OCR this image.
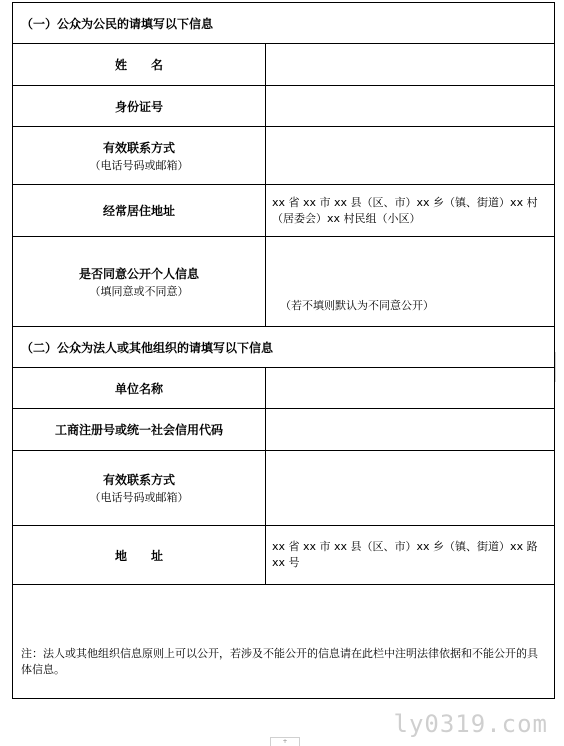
（一）公众为公民的请填写以下信息	

姓　　名	

身份证号	

有效联系方式
（电话号码或邮箱）	

经常居住地址	xx 省 xx 市 xx 县（区、市）xx 乡（镇、街道）xx 村（居委会）xx 村民组（小区）

是否同意公开个人信息
（填同意或不同意）	（若不填则默认为不同意公开）
（二）公众为法人或其他组织的请填写以下信息	

单位名称	

工商注册号或统一社会信用代码	

有效联系方式
（电话号码或邮箱）	

地　　址	xx 省 xx 市 xx 县（区、市）xx 乡（镇、街道）xx 路 xx 号
注：法人或其他组织信息原则上可以公开，若涉及不能公开的信息请在此栏中注明法律依据和不能公开的具体信息。	
+
ly0319.com
